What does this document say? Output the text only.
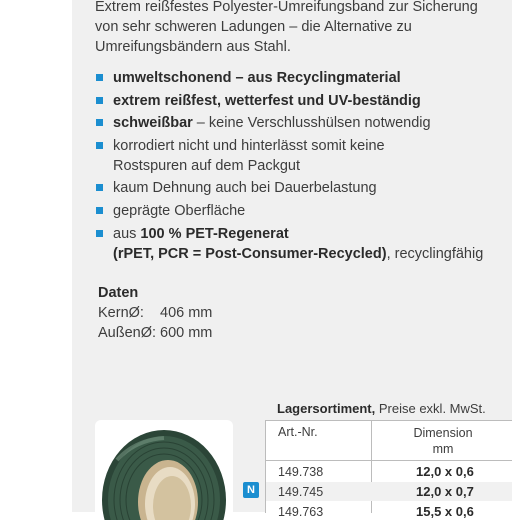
Extrem reißfestes Polyester-Umreifungsband zur Sicherung
von sehr schweren Ladungen – die Alternative zu
Umreifungsbändern aus Stahl.

umweltschonend – aus Recyclingmaterial
extrem reißfest, wetterfest und UV-beständig
schweißbar – keine Verschlusshülsen notwendig
korrodiert nicht und hinterlässt somit keine
Rostspuren auf dem Packgut
kaum Dehnung auch bei Dauerbelastung
geprägte Oberfläche
aus 100 % PET-Regenerat
(rPET, PCR = Post-Consumer-Recycled), recyclingfähig

Daten

KernØ: 406 mm

AußenØ: 600 mm

Lagersortiment, Preise exkl. MwSt.

Art.-Nr.	Dimension
mm
149.738	12,0 x 0,6
149.745	12,0 x 0,7
149.763	15,5 x 0,6
N
